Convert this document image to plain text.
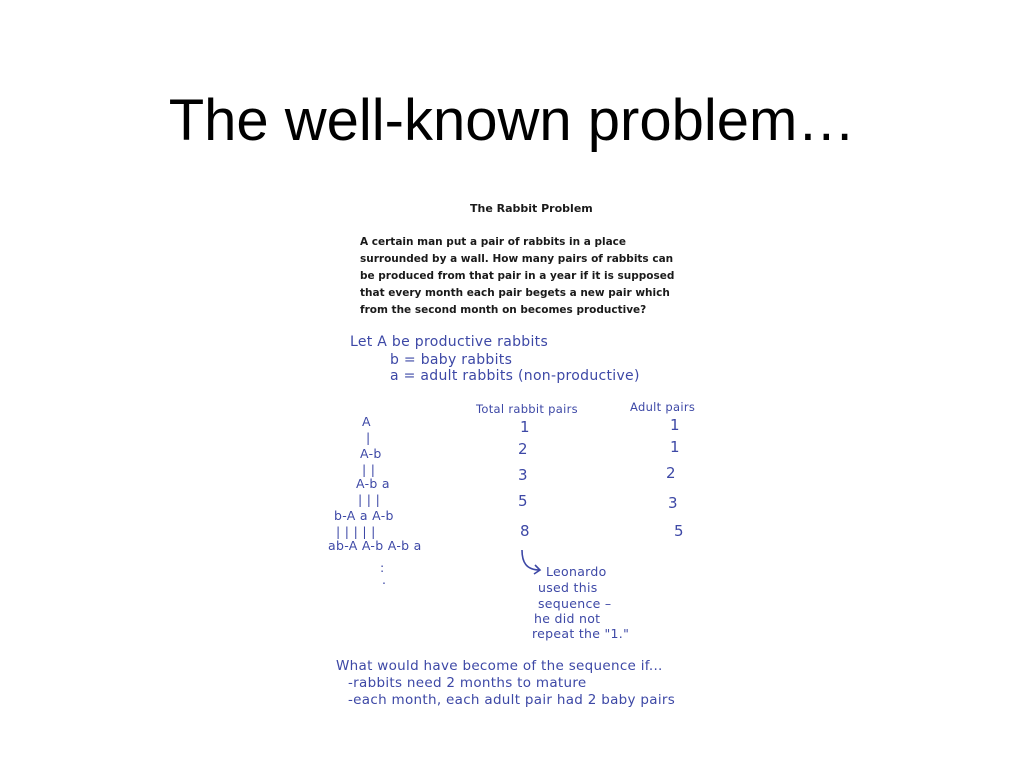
The well-known problem…
The Rabbit Problem
A certain man put a pair of rabbits in a place
surrounded by a wall. How many pairs of rabbits can
be produced from that pair in a year if it is supposed
that every month each pair begets a new pair which
from the second month on becomes productive?
Let A be productive rabbits
b = baby rabbits
a = adult rabbits (non-productive)
Total rabbit pairs	Adult pairs
1
2
3
5
8
1
1
2
3
5
A
|
A-b
| |
A-b a
| | |
b-A a A-b
| | | | |
ab-A A-b A-b a
:
.
Leonardo
used this
sequence –
he did not
repeat the "1."
What would have become of the sequence if...
-rabbits need 2 months to mature
-each month, each adult pair had 2 baby pairs
